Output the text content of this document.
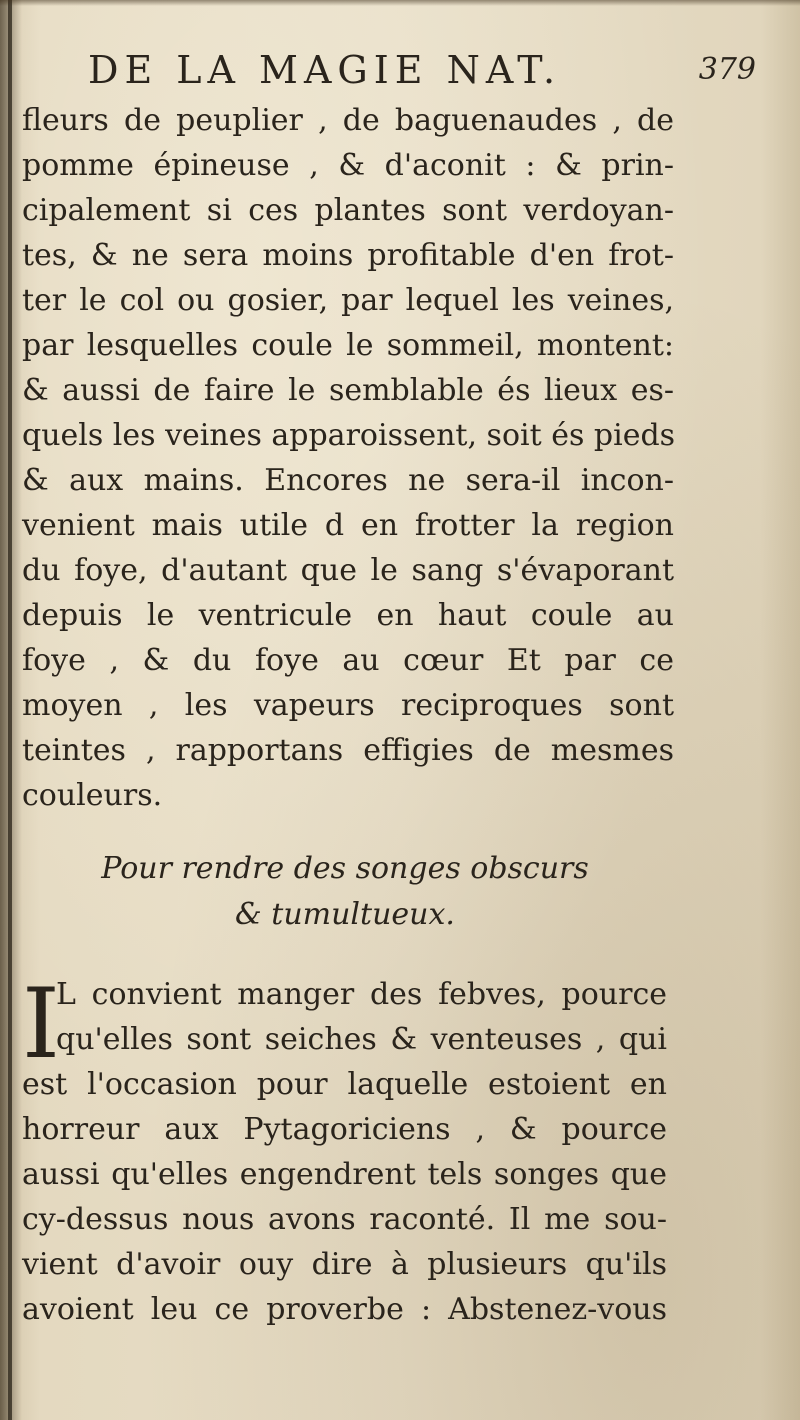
DE LA MAGIE NAT.	379
fleurs de peuplier , de baguenaudes , de
pomme épineuse , & d'aconit : & prin-
cipalement si ces plantes sont verdoyan-
tes, & ne sera moins profitable d'en frot-
ter le col ou gosier, par lequel les veines,
par lesquelles coule le sommeil, montent:
& aussi de faire le semblable és lieux es-
quels les veines apparoissent, soit és pieds
& aux mains. Encores ne sera-il incon-
venient mais utile d en frotter la region
du foye, d'autant que le sang s'évaporant
depuis le ventricule en haut coule au
foye , & du foye au cœur Et par ce
moyen , les vapeurs reciproques sont
teintes , rapportans effigies de mesmes
couleurs.
Pour rendre des songes obscurs
& tumultueux.
I
L convient manger des febves, pource
qu'elles sont seiches & venteuses , qui
est l'occasion pour laquelle estoient en
horreur aux Pytagoriciens , & pource
aussi qu'elles engendrent tels songes que
cy-dessus nous avons raconté. Il me sou-
vient d'avoir ouy dire à plusieurs qu'ils
avoient leu ce proverbe : Abstenez-vous
